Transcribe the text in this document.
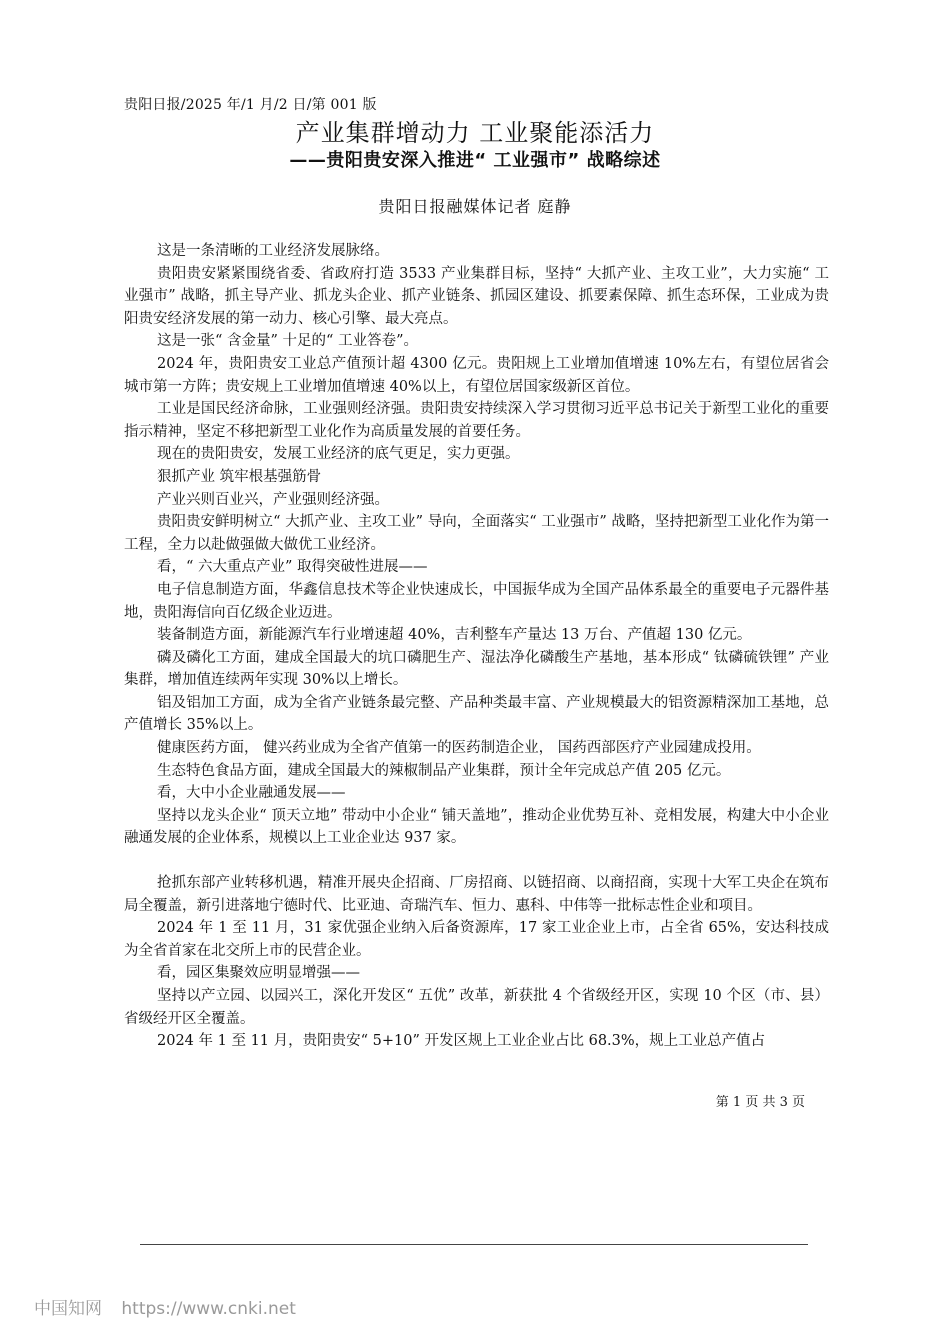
贵阳日报/2025 年/1 月/2 日/第 001 版
产业集群增动力 工业聚能添活力
——贵阳贵安深入推进“ 工业强市” 战略综述
贵阳日报融媒体记者 庭静

这是一条清晰的工业经济发展脉络。

贵阳贵安紧紧围绕省委、省政府打造 3533 产业集群目标，坚持“ 大抓产业、主攻工业”，大力实施“ 工业强市” 战略，抓主导产业、抓龙头企业、抓产业链条、抓园区建设、抓要素保障、抓生态环保，工业成为贵阳贵安经济发展的第一动力、核心引擎、最大亮点。

这是一张“ 含金量” 十足的“ 工业答卷”。

2024 年，贵阳贵安工业总产值预计超 4300 亿元。贵阳规上工业增加值增速 10%左右，有望位居省会城市第一方阵；贵安规上工业增加值增速 40%以上，有望位居国家级新区首位。

工业是国民经济命脉，工业强则经济强。贵阳贵安持续深入学习贯彻习近平总书记关于新型工业化的重要指示精神，坚定不移把新型工业化作为高质量发展的首要任务。

现在的贵阳贵安，发展工业经济的底气更足，实力更强。

狠抓产业 筑牢根基强筋骨

产业兴则百业兴，产业强则经济强。

贵阳贵安鲜明树立“ 大抓产业、主攻工业” 导向，全面落实“ 工业强市” 战略，坚持把新型工业化作为第一工程，全力以赴做强做大做优工业经济。

看，“ 六大重点产业” 取得突破性进展——

电子信息制造方面，华鑫信息技术等企业快速成长，中国振华成为全国产品体系最全的重要电子元器件基地，贵阳海信向百亿级企业迈进。

装备制造方面，新能源汽车行业增速超 40%，吉利整车产量达 13 万台、产值超 130 亿元。

磷及磷化工方面，建成全国最大的坑口磷肥生产、湿法净化磷酸生产基地，基本形成“ 钛磷硫铁锂” 产业集群，增加值连续两年实现 30%以上增长。

铝及铝加工方面，成为全省产业链条最完整、产品种类最丰富、产业规模最大的铝资源精深加工基地，总产值增长 35%以上。

健康医药方面， 健兴药业成为全省产值第一的医药制造企业， 国药西部医疗产业园建成投用。

生态特色食品方面，建成全国最大的辣椒制品产业集群，预计全年完成总产值 205 亿元。

看，大中小企业融通发展——

坚持以龙头企业“ 顶天立地” 带动中小企业“ 铺天盖地”，推动企业优势互补、竞相发展，构建大中小企业融通发展的企业体系，规模以上工业企业达 937 家。

抢抓东部产业转移机遇，精准开展央企招商、厂房招商、以链招商、以商招商，实现十大军工央企在筑布局全覆盖，新引进落地宁德时代、比亚迪、奇瑞汽车、恒力、惠科、中伟等一批标志性企业和项目。

2024 年 1 至 11 月，31 家优强企业纳入后备资源库，17 家工业企业上市，占全省 65%，安达科技成为全省首家在北交所上市的民营企业。

看，园区集聚效应明显增强——

坚持以产立园、以园兴工，深化开发区“ 五优” 改革，新获批 4 个省级经开区，实现 10 个区（市、县）省级经开区全覆盖。

2024 年 1 至 11 月，贵阳贵安“ 5+10” 开发区规上工业企业占比 68.3%，规上工业总产值占

第 1 页 共 3 页
中国知网 https://www.cnki.net
